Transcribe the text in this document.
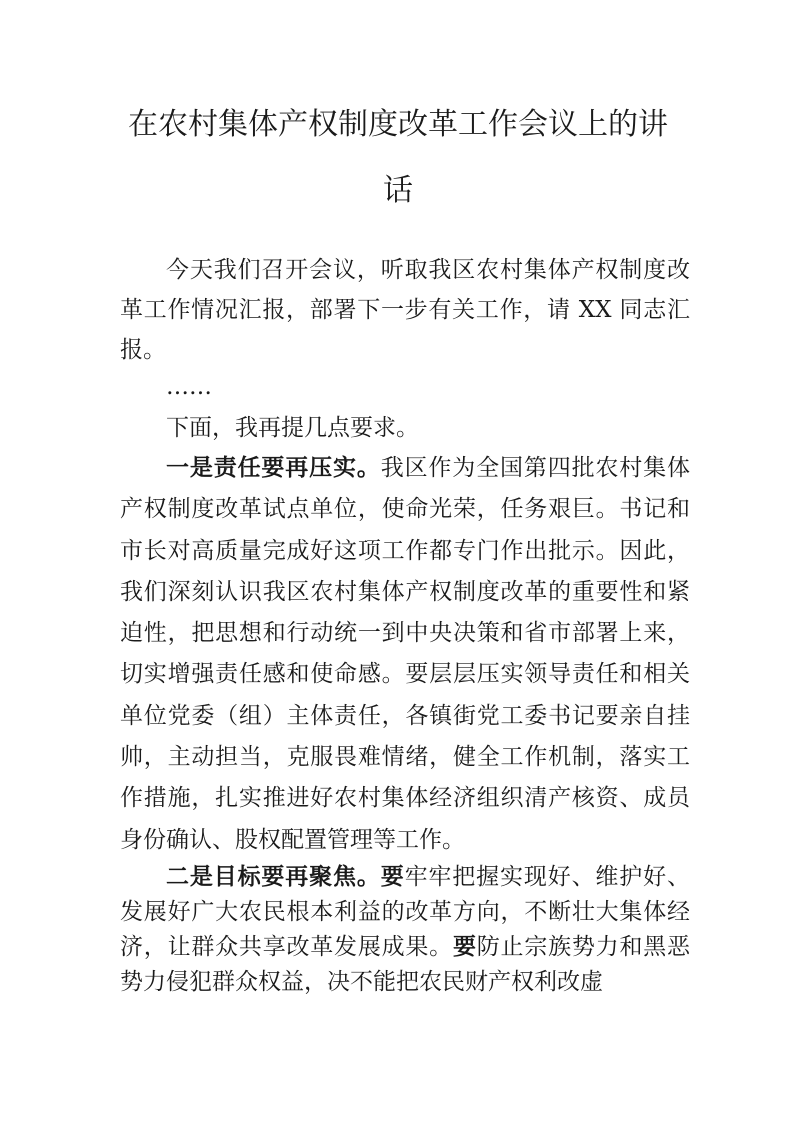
在农村集体产权制度改革工作会议上的讲话

今天我们召开会议，听取我区农村集体产权制度改革工作情况汇报，部署下一步有关工作，请 XX 同志汇报。

……

下面，我再提几点要求。

一是责任要再压实。我区作为全国第四批农村集体产权制度改革试点单位，使命光荣，任务艰巨。书记和市长对高质量完成好这项工作都专门作出批示。因此，我们深刻认识我区农村集体产权制度改革的重要性和紧迫性，把思想和行动统一到中央决策和省市部署上来，切实增强责任感和使命感。要层层压实领导责任和相关单位党委（组）主体责任，各镇街党工委书记要亲自挂帅，主动担当，克服畏难情绪，健全工作机制，落实工作措施，扎实推进好农村集体经济组织清产核资、成员身份确认、股权配置管理等工作。

二是目标要再聚焦。要牢牢把握实现好、维护好、发展好广大农民根本利益的改革方向，不断壮大集体经济，让群众共享改革发展成果。要防止宗族势力和黑恶势力侵犯群众权益，决不能把农民财产权利改虚
